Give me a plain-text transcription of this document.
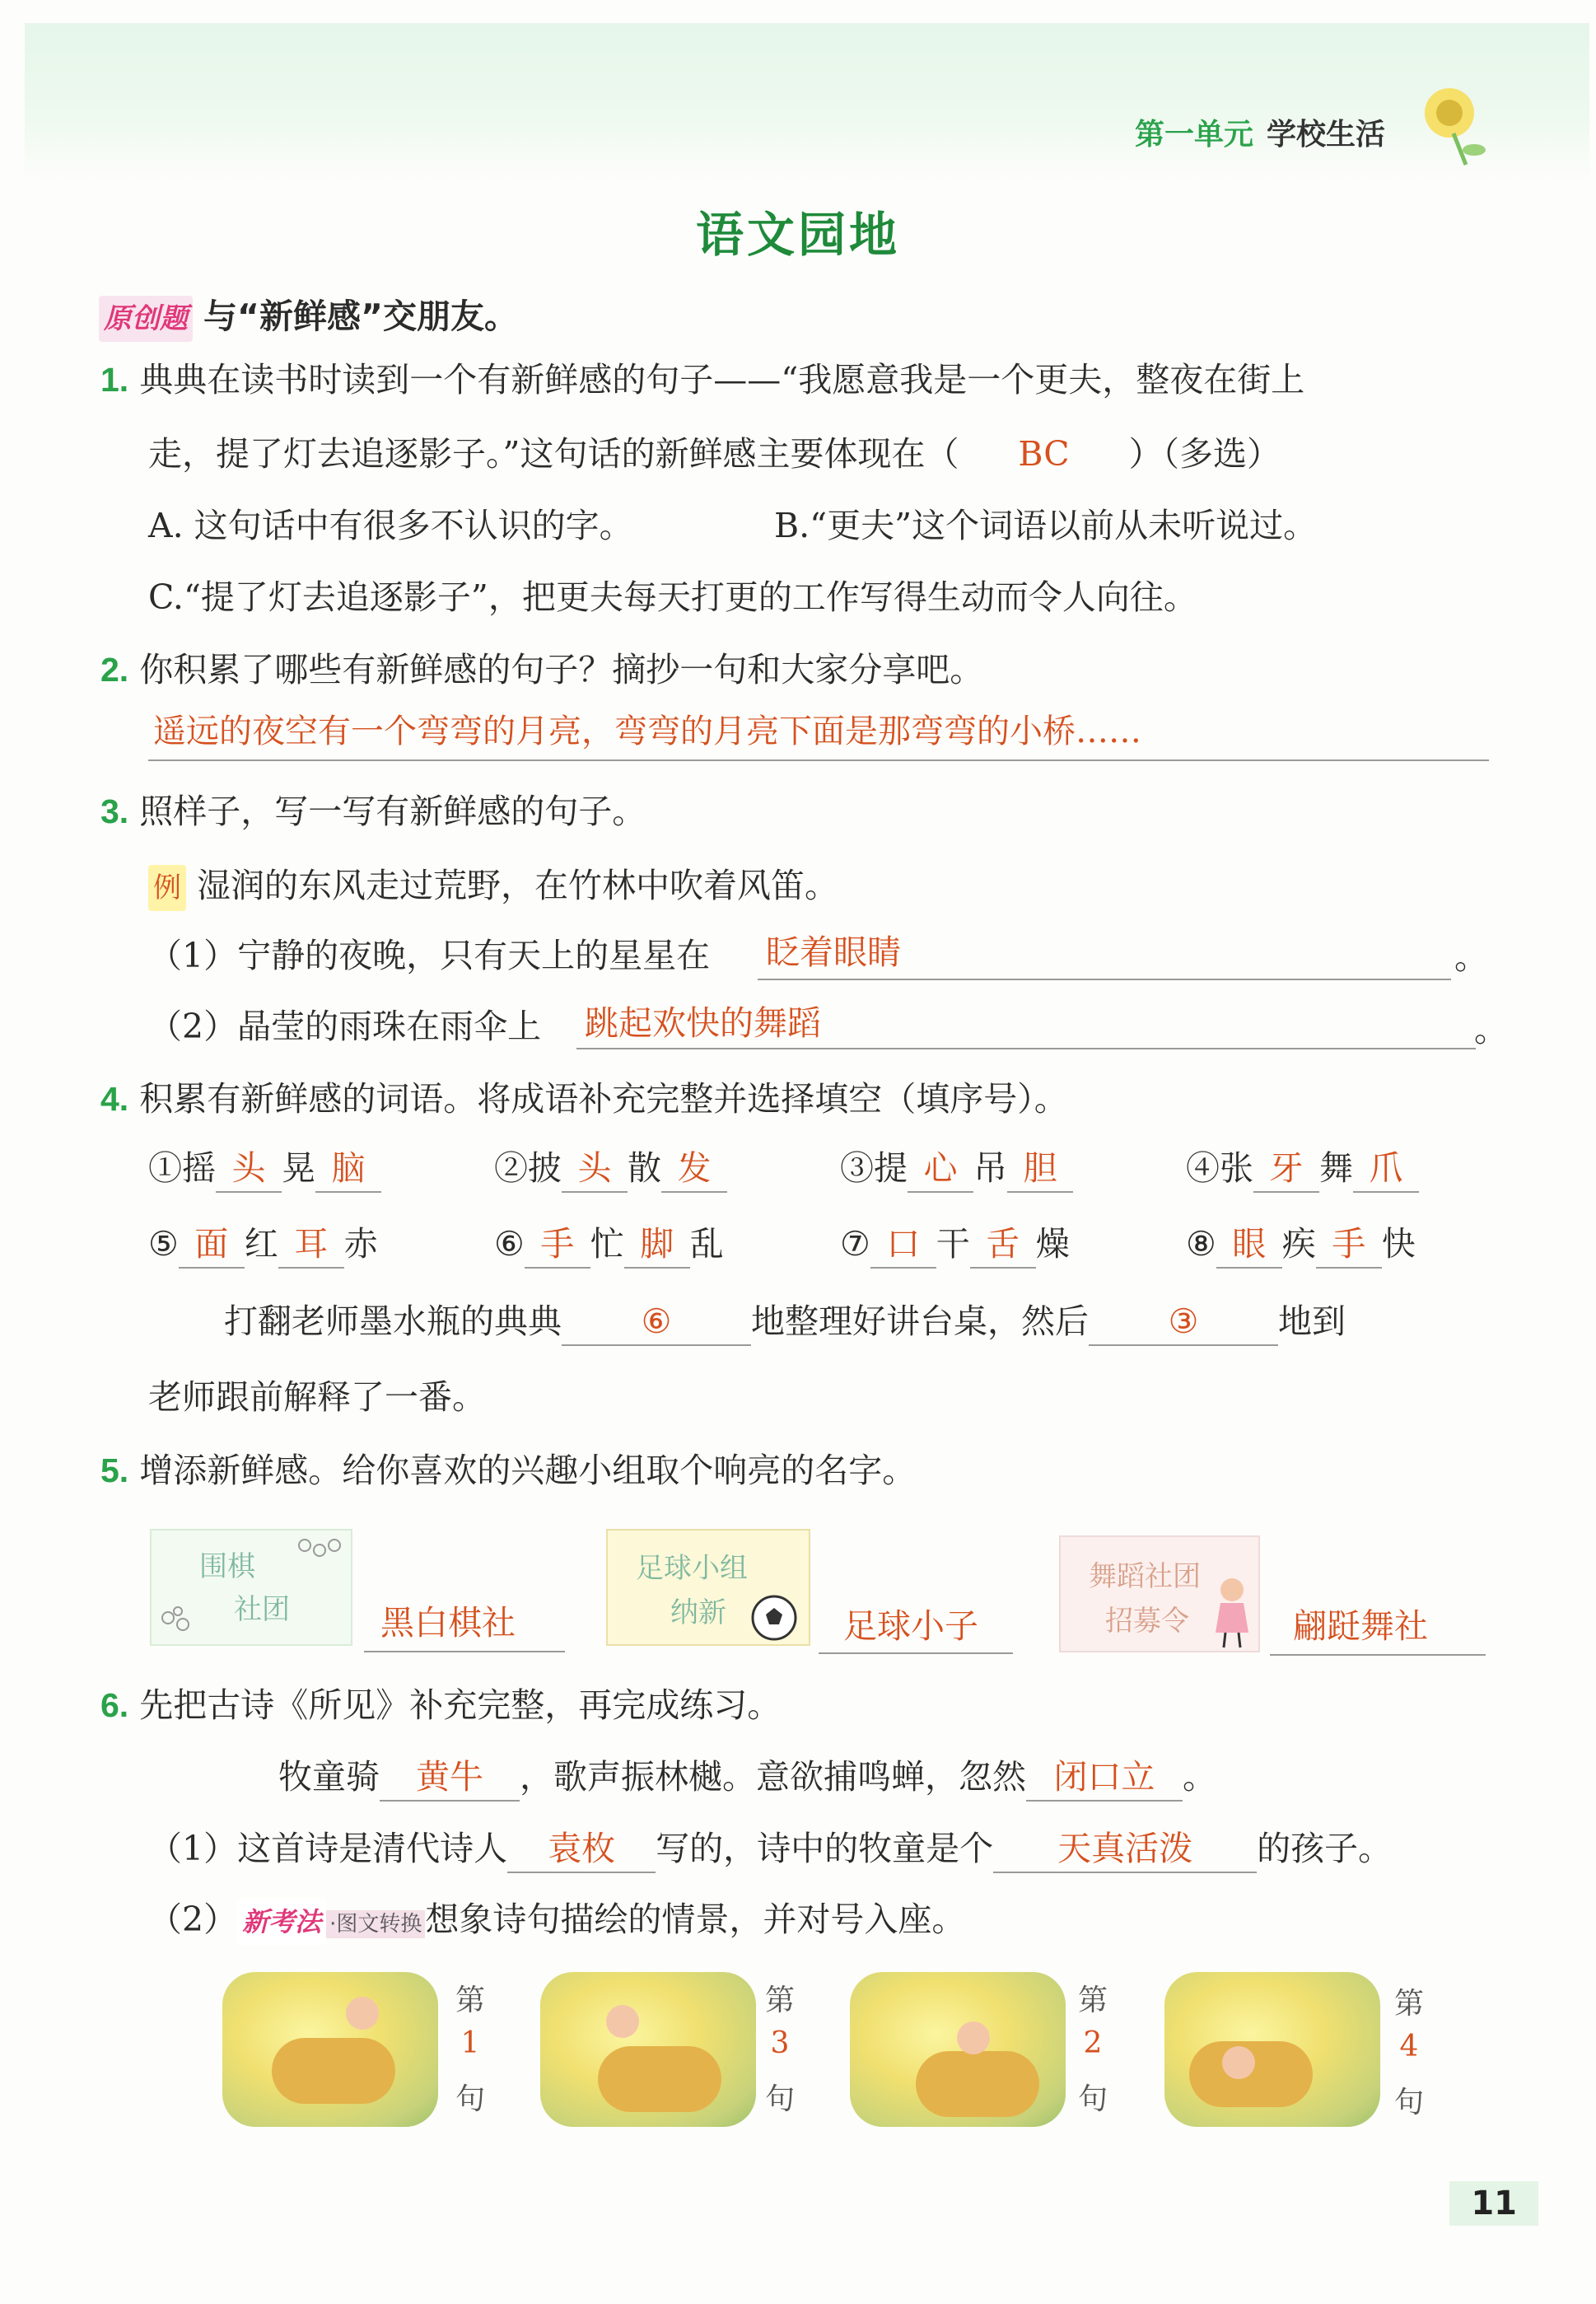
第一单元 学校生活
语文园地
原创题 与“新鲜感”交朋友。
1. 典典在读书时读到一个有新鲜感的句子——“我愿意我是一个更夫，整夜在街上
走，提了灯去追逐影子。”这句话的新鲜感主要体现在（ BC ）（多选）
A. 这句话中有很多不认识的字。	B.“更夫”这个词语以前从未听说过。
C.“提了灯去追逐影子”，把更夫每天打更的工作写得生动而令人向往。
2. 你积累了哪些有新鲜感的句子？摘抄一句和大家分享吧。
遥远的夜空有一个弯弯的月亮，弯弯的月亮下面是那弯弯的小桥……
3. 照样子，写一写有新鲜感的句子。
例 湿润的东风走过荒野，在竹林中吹着风笛。
（1）宁静的夜晚，只有天上的星星在 眨着眼睛	。
（2）晶莹的雨珠在雨伞上 跳起欢快的舞蹈	。
4. 积累有新鲜感的词语。将成语补充完整并选择填空（填序号）。
①摇 头 晃 脑	②披 头 散 发	③提 心 吊 胆	④张 牙 舞 爪
⑤ 面 红 耳 赤	⑥ 手 忙 脚 乱	⑦ 口 干 舌 燥	⑧ 眼 疾 手 快
打翻老师墨水瓶的典典 ⑥ 地整理好讲台桌，然后 ③ 地到
老师跟前解释了一番。
5. 增添新鲜感。给你喜欢的兴趣小组取个响亮的名字。
围棋
社团	黑白棋社
足球小组
纳新	足球小子
舞蹈社团
招募令	翩跹舞社
6. 先把古诗《所见》补充完整，再完成练习。
牧童骑 黄牛 ，歌声振林樾。意欲捕鸣蝉，忽然 闭口立 。
（1）这首诗是清代诗人 袁枚 写的，诗中的牧童是个 天真活泼 的孩子。
（2） 新考法 ·图文转换想象诗句描绘的情景，并对号入座。
第
1
句
第
3
句
第
2
句
第
4
句
11
